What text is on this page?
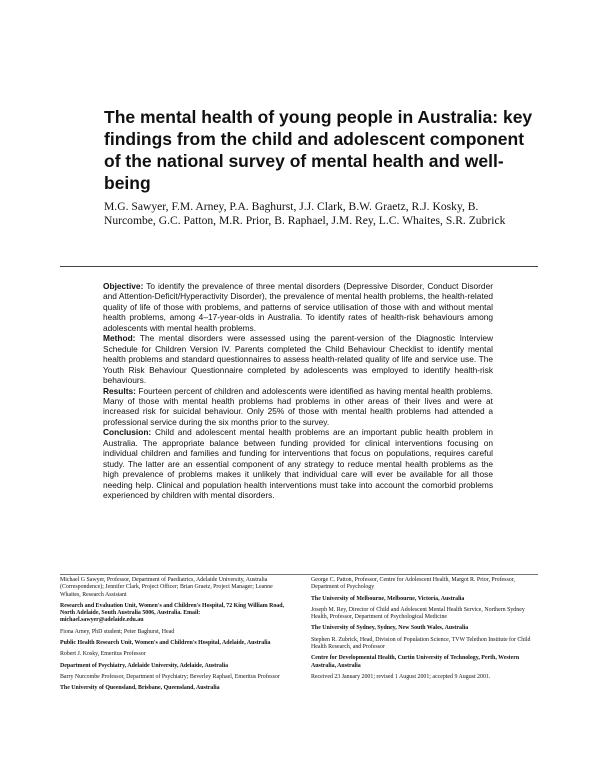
The mental health of young people in Australia: key findings from the child and adolescent component of the national survey of mental health and well-being
M.G. Sawyer, F.M. Arney, P.A. Baghurst, J.J. Clark, B.W. Graetz, R.J. Kosky, B. Nurcombe, G.C. Patton, M.R. Prior, B. Raphael, J.M. Rey, L.C. Whaites, S.R. Zubrick

Objective: To identify the prevalence of three mental disorders (Depressive Disorder, Conduct Disorder and Attention-Deficit/Hyperactivity Disorder), the prevalence of mental health problems, the health-related quality of life of those with problems, and patterns of service utilisation of those with and without mental health problems, among 4–17-year-olds in Australia. To identify rates of health-risk behaviours among adolescents with mental health problems.

Method: The mental disorders were assessed using the parent-version of the Diagnostic Interview Schedule for Children Version IV. Parents completed the Child Behaviour Checklist to identify mental health problems and standard questionnaires to assess health-related quality of life and service use. The Youth Risk Behaviour Questionnaire completed by adolescents was employed to identify health-risk behaviours.

Results: Fourteen percent of children and adolescents were identified as having mental health problems. Many of those with mental health problems had problems in other areas of their lives and were at increased risk for suicidal behaviour. Only 25% of those with mental health problems had attended a professional service during the six months prior to the survey.

Conclusion: Child and adolescent mental health problems are an important public health problem in Australia. The appropriate balance between funding provided for clinical interventions focusing on individual children and families and funding for interventions that focus on populations, requires careful study. The latter are an essential component of any strategy to reduce mental health problems as the high prevalence of problems makes it unlikely that individual care will ever be available for all those needing help. Clinical and population health interventions must take into account the comorbid problems experienced by children with mental disorders.

Michael G Sawyer, Professor, Department of Paediatrics, Adelaide University, Australia (Correspondence); Jennifer Clark, Project Officer; Brian Graetz, Project Manager; Leanne Whaites, Research Assistant

Research and Evaluation Unit, Women's and Children's Hospital, 72 King William Road, North Adelaide, South Australia 5006, Australia. Email: michael.sawyer@adelaide.edu.au

Fiona Arney, PhD student; Peter Baghurst, Head

Public Health Research Unit, Women's and Children's Hospital, Adelaide, Australia

Robert J. Kosky, Emeritus Professor

Department of Psychiatry, Adelaide University, Adelaide, Australia

Barry Nurcombe Professor, Department of Psychiatry; Beverley Raphael, Emeritus Professor

The University of Queensland, Brisbane, Queensland, Australia

George C. Patton, Professor, Centre for Adolescent Health, Margot R. Prior, Professor, Department of Psychology

The University of Melbourne, Melbourne, Victoria, Australia

Joseph M. Rey, Director of Child and Adolescent Mental Health Service, Northern Sydney Health, Professor, Department of Psychological Medicine

The University of Sydney, Sydney, New South Wales, Australia

Stephen R. Zubrick, Head, Division of Population Science, TVW Telethon Institute for Child Health Research, and Professor

Centre for Developmental Health, Curtin University of Technology, Perth, Western Australia, Australia

Received 23 January 2001; revised 1 August 2001; accepted 9 August 2001.
